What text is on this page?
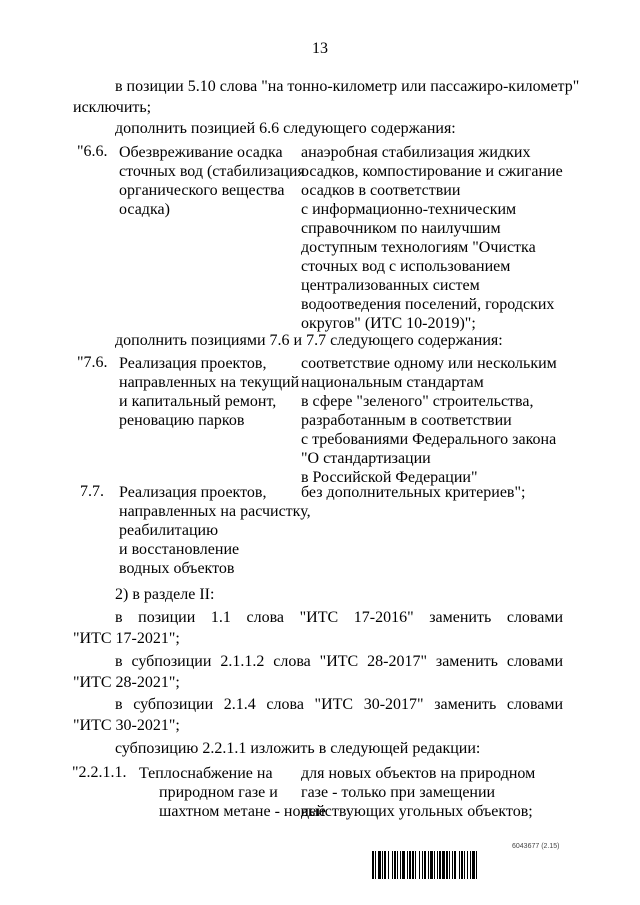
13
в позиции 5.10 слова "на тонно-километр или пассажиро-километр"
исключить;
дополнить позицией 6.6 следующего содержания:
"6.6. Обезвреживание осадка
сточных вод (стабилизация
органического вещества
осадка)
анаэробная стабилизация жидких
осадков, компостирование и сжигание
осадков в соответствии
с информационно-техническим
справочником по наилучшим
доступным технологиям "Очистка
сточных вод с использованием
централизованных систем
водоотведения поселений, городских
округов" (ИТС 10-2019)";
дополнить позициями 7.6 и 7.7 следующего содержания:
"7.6. Реализация проектов,
направленных на текущий
и капитальный ремонт,
реновацию парков
соответствие одному или нескольким
национальным стандартам
в сфере "зеленого" строительства,
разработанным в соответствии
с требованиями Федерального закона
"О стандартизации
в Российской Федерации"
7.7. Реализация проектов,
направленных на расчистку,
реабилитацию
и восстановление
водных объектов
без дополнительных критериев";
2) в разделе II:
в позиции 1.1 слова "ИТС 17-2016" заменить словами
"ИТС 17-2021";
в субпозиции 2.1.1.2 слова "ИТС 28-2017" заменить словами
"ИТС 28-2021";
в субпозиции 2.1.4 слова "ИТС 30-2017" заменить словами
"ИТС 30-2021";
субпозицию 2.2.1.1 изложить в следующей редакции:
"2.2.1.1. Теплоснабжение на
природном газе и
шахтном метане - новые
для новых объектов на природном
газе - только при замещении
действующих угольных объектов;
6043677 (2.15)
